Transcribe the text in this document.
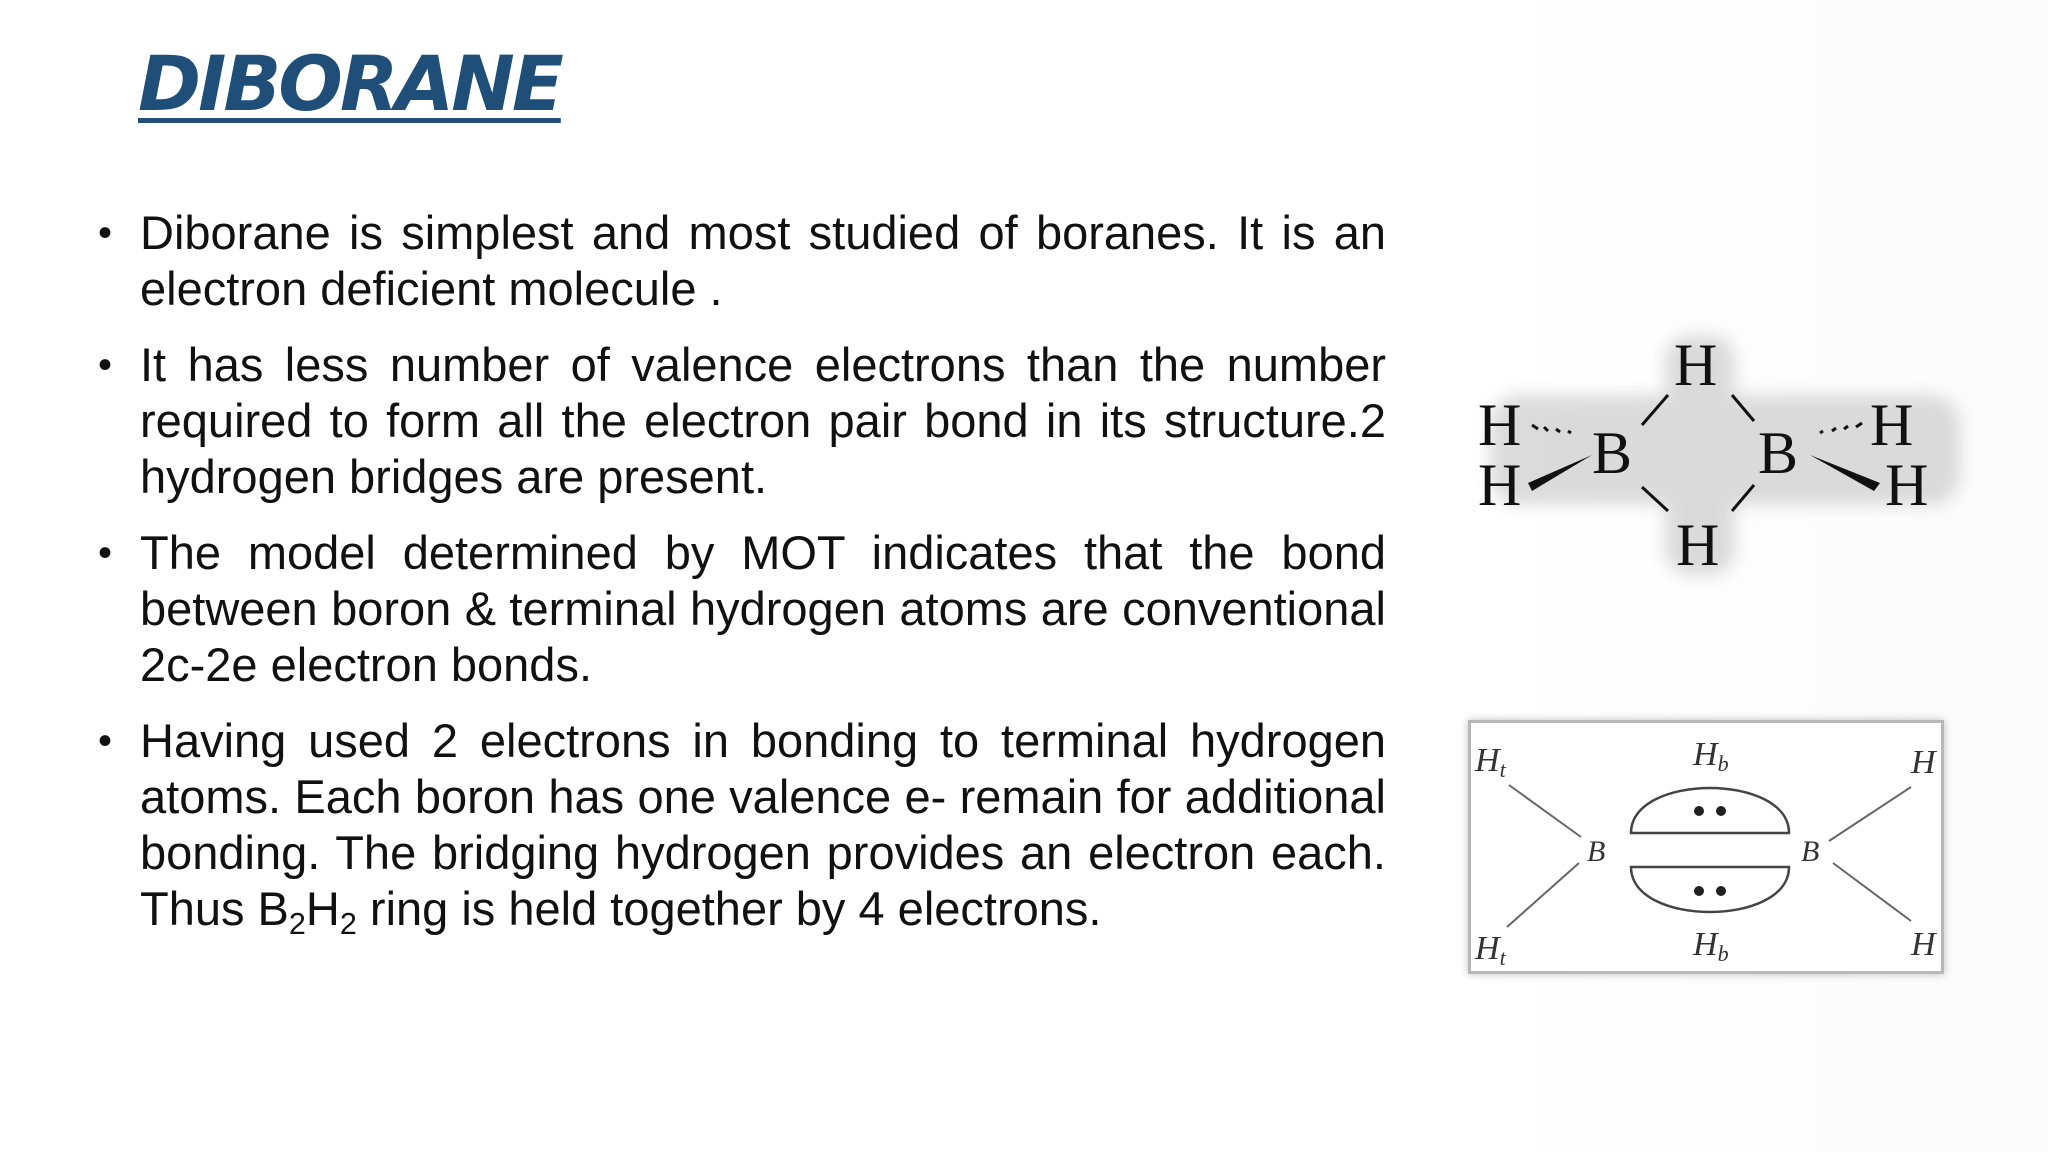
DIBORANE
• Diborane is simplest and most studied of boranes. It is an electron deficient molecule .
• It has less number of valence electrons than the number required to form all the electron pair bond in its structure.2 hydrogen bridges are present.
• The model determined by MOT indicates that the bond between boron & terminal hydrogen atoms are conventional 2c-2e electron bonds.
• Having used 2 electrons in bonding to terminal hydrogen atoms. Each boron has one valence e- remain for additional bonding. The bridging hydrogen provides an electron each. Thus $B_2H_2$ ring is held together by 4 electrons.
H
H
H
H B B H
H
Ht
Ht
Hb
Hb
B	B
H
H
